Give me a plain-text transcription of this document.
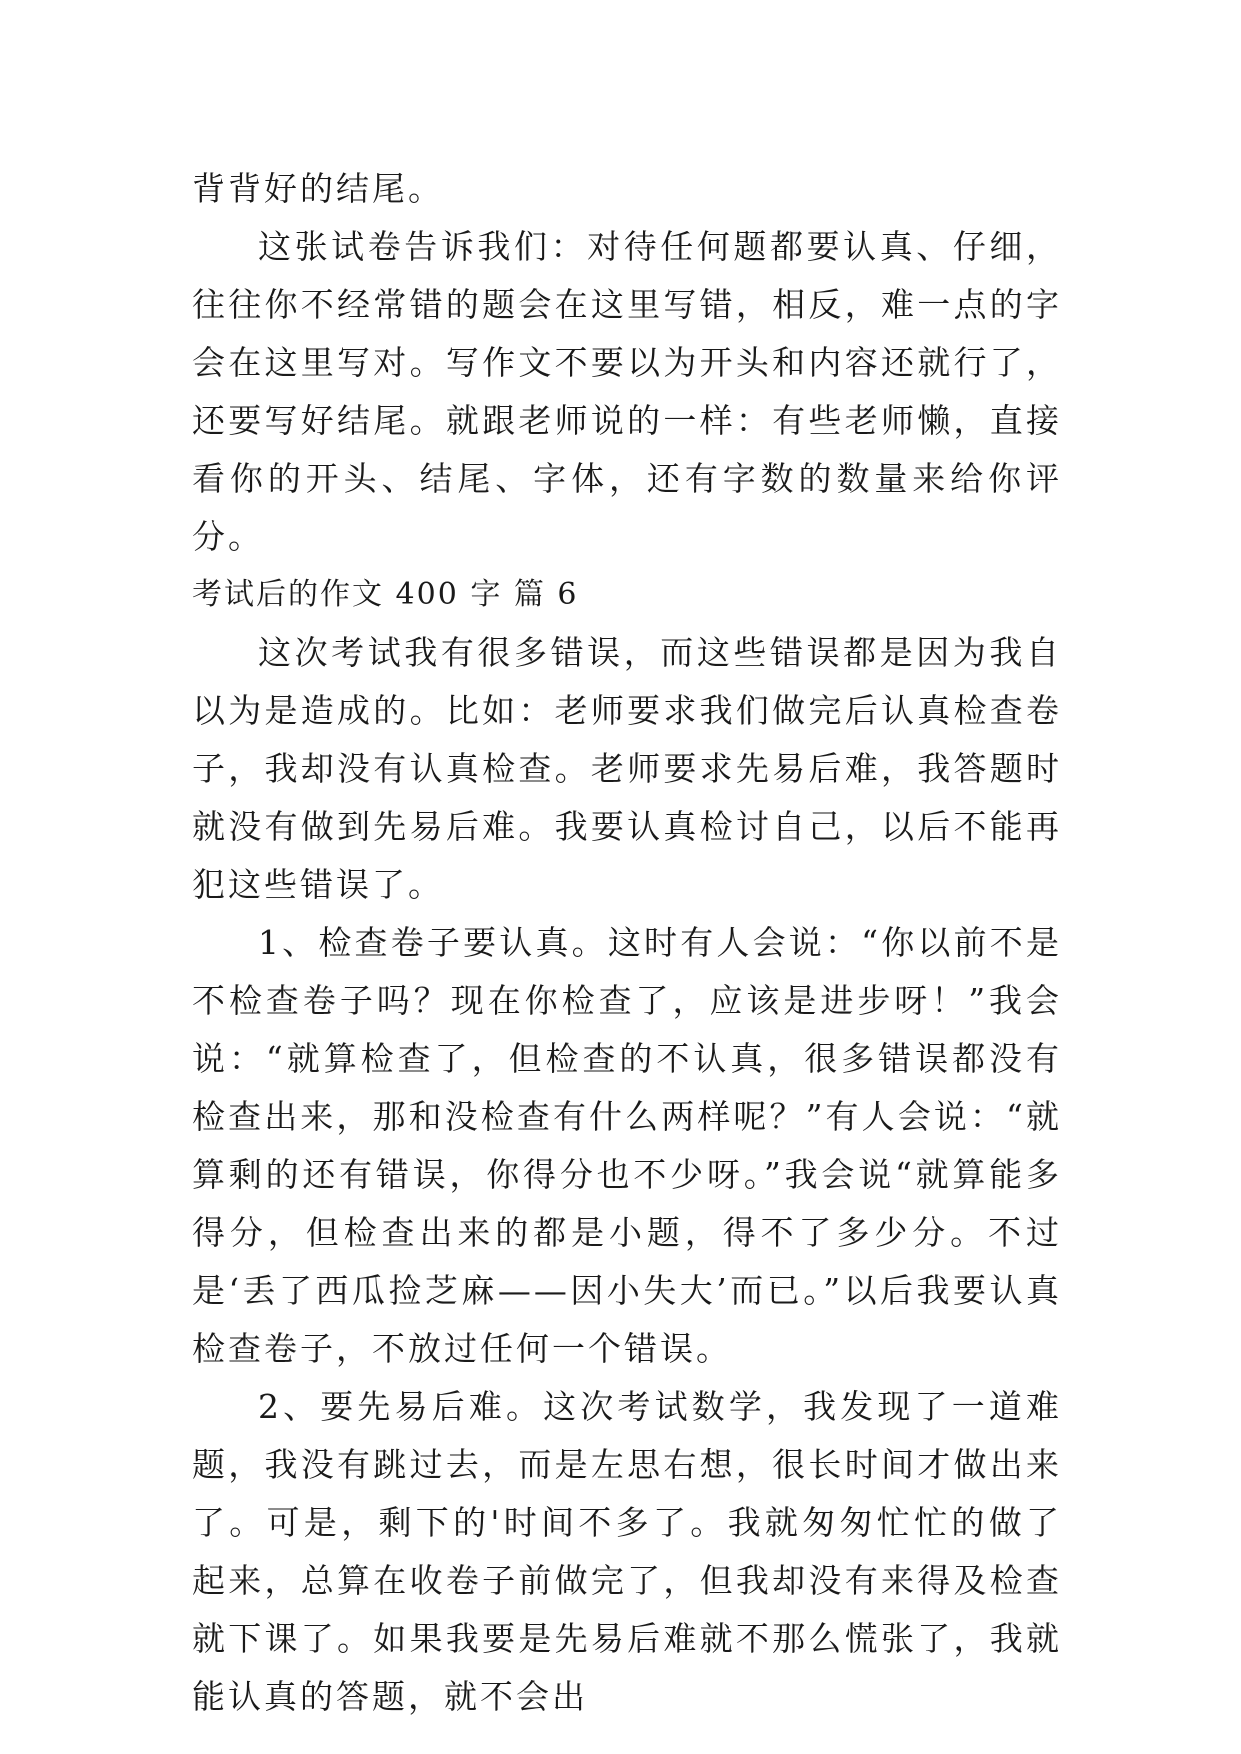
背背好的结尾。

这张试卷告诉我们：对待任何题都要认真、仔细，往往你不经常错的题会在这里写错，相反，难一点的字会在这里写对。写作文不要以为开头和内容还就行了，还要写好结尾。就跟老师说的一样：有些老师懒，直接看你的开头、结尾、字体，还有字数的数量来给你评分。

考试后的作文 400 字 篇 6

这次考试我有很多错误，而这些错误都是因为我自以为是造成的。比如：老师要求我们做完后认真检查卷子，我却没有认真检查。老师要求先易后难，我答题时就没有做到先易后难。我要认真检讨自己，以后不能再犯这些错误了。

1、检查卷子要认真。这时有人会说：“你以前不是不检查卷子吗？现在你检查了，应该是进步呀！”我会说：“就算检查了，但检查的不认真，很多错误都没有检查出来，那和没检查有什么两样呢？”有人会说：“就算剩的还有错误，你得分也不少呀。”我会说“就算能多得分，但检查出来的都是小题，得不了多少分。不过是‘丢了西瓜捡芝麻——因小失大’而已。”以后我要认真检查卷子，不放过任何一个错误。

2、要先易后难。这次考试数学，我发现了一道难题，我没有跳过去，而是左思右想，很长时间才做出来了。可是，剩下的'时间不多了。我就匆匆忙忙的做了起来，总算在收卷子前做完了，但我却没有来得及检查就下课了。如果我要是先易后难就不那么慌张了，我就能认真的答题，就不会出
